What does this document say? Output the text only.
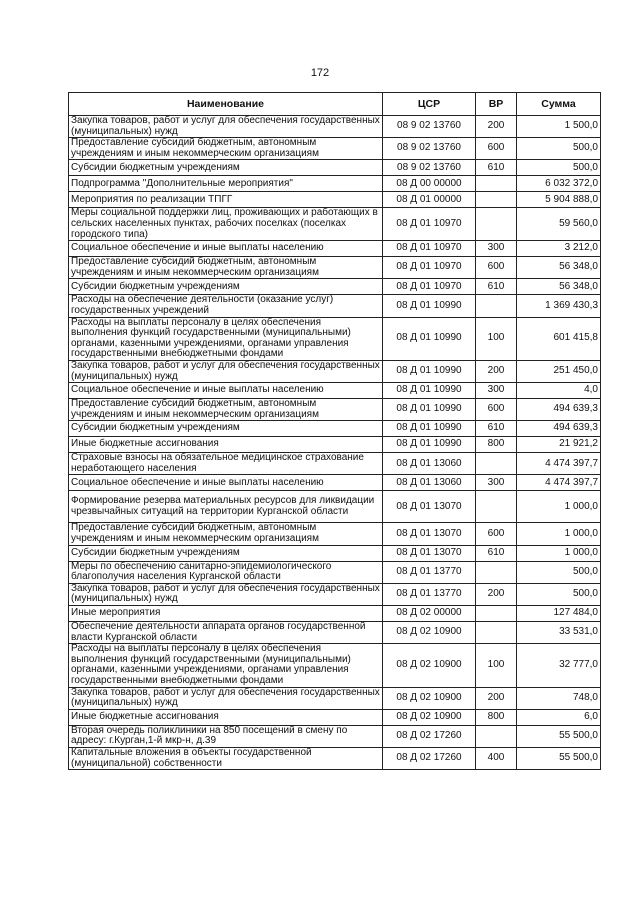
172
Наименование	ЦСР	ВР	Сумма
Закупка товаров, работ и услуг для обеспечения государственных (муниципальных) нужд	08 9 02 13760	200	1 500,0
Предоставление субсидий бюджетным, автономным учреждениям и иным некоммерческим организациям	08 9 02 13760	600	500,0
Субсидии бюджетным учреждениям	08 9 02 13760	610	500,0
Подпрограмма "Дополнительные мероприятия"	08 Д 00 00000		6 032 372,0
Мероприятия по реализации ТПГГ	08 Д 01 00000		5 904 888,0
Меры социальной поддержки лиц, проживающих и работающих в сельских населенных пунктах, рабочих поселках (поселках городского типа)	08 Д 01 10970		59 560,0
Социальное обеспечение и иные выплаты населению	08 Д 01 10970	300	3 212,0
Предоставление субсидий бюджетным, автономным учреждениям и иным некоммерческим организациям	08 Д 01 10970	600	56 348,0
Субсидии бюджетным учреждениям	08 Д 01 10970	610	56 348,0
Расходы на обеспечение деятельности (оказание услуг) государственных учреждений	08 Д 01 10990		1 369 430,3
Расходы на выплаты персоналу в целях обеспечения выполнения функций государственными (муниципальными) органами, казенными учреждениями, органами управления государственными внебюджетными фондами	08 Д 01 10990	100	601 415,8
Закупка товаров, работ и услуг для обеспечения государственных (муниципальных) нужд	08 Д 01 10990	200	251 450,0
Социальное обеспечение и иные выплаты населению	08 Д 01 10990	300	4,0
Предоставление субсидий бюджетным, автономным учреждениям и иным некоммерческим организациям	08 Д 01 10990	600	494 639,3
Субсидии бюджетным учреждениям	08 Д 01 10990	610	494 639,3
Иные бюджетные ассигнования	08 Д 01 10990	800	21 921,2
Страховые взносы на обязательное медицинское страхование неработающего населения	08 Д 01 13060		4 474 397,7
Социальное обеспечение и иные выплаты населению	08 Д 01 13060	300	4 474 397,7
Формирование резерва материальных ресурсов для ликвидации чрезвычайных ситуаций на территории Курганской области	08 Д 01 13070		1 000,0
Предоставление субсидий бюджетным, автономным учреждениям и иным некоммерческим организациям	08 Д 01 13070	600	1 000,0
Субсидии бюджетным учреждениям	08 Д 01 13070	610	1 000,0
Меры по обеспечению санитарно-эпидемиологического благополучия населения Курганской области	08 Д 01 13770		500,0
Закупка товаров, работ и услуг для обеспечения государственных (муниципальных) нужд	08 Д 01 13770	200	500,0
Иные мероприятия	08 Д 02 00000		127 484,0
Обеспечение деятельности аппарата органов государственной власти Курганской области	08 Д 02 10900		33 531,0
Расходы на выплаты персоналу в целях обеспечения выполнения функций государственными (муниципальными) органами, казенными учреждениями, органами управления государственными внебюджетными фондами	08 Д 02 10900	100	32 777,0
Закупка товаров, работ и услуг для обеспечения государственных (муниципальных) нужд	08 Д 02 10900	200	748,0
Иные бюджетные ассигнования	08 Д 02 10900	800	6,0
Вторая очередь поликлиники на 850 посещений в смену по адресу: г.Курган,1-й мкр-н, д.39	08 Д 02 17260		55 500,0
Капитальные вложения в объекты государственной (муниципальной) собственности	08 Д 02 17260	400	55 500,0
